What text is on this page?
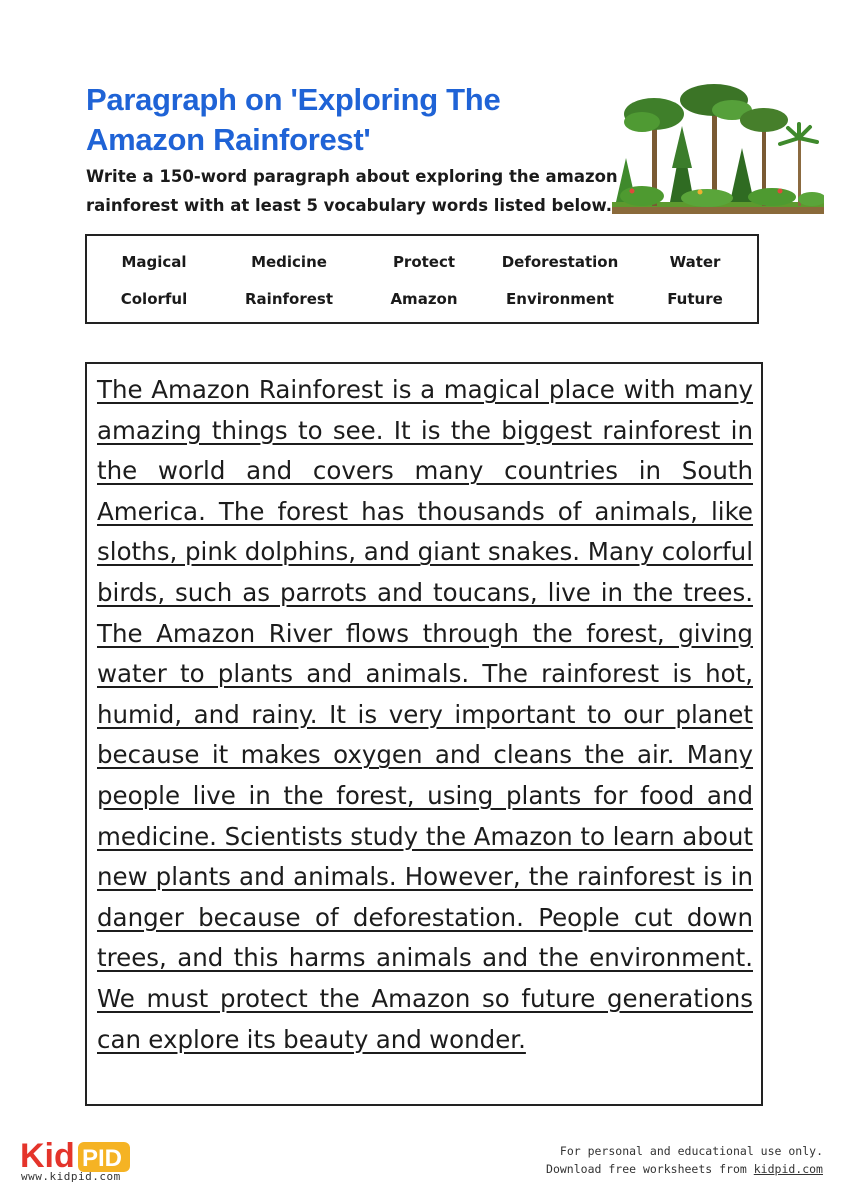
Paragraph on 'Exploring The Amazon Rainforest'
Write a 150-word paragraph about exploring the amazon rainforest with at least 5 vocabulary words listed below.
Magical	Medicine	Protect	Deforestation	Water
Colorful	Rainforest	Amazon	Environment	Future
The Amazon Rainforest is a magical place with many amazing things to see. It is the biggest rainforest in the world and covers many countries in South America. The forest has thousands of animals, like sloths, pink dolphins, and giant snakes. Many colorful birds, such as parrots and toucans, live in the trees. The Amazon River flows through the forest, giving water to plants and animals. The rainforest is hot, humid, and rainy. It is very important to our planet because it makes oxygen and cleans the air. Many people live in the forest, using plants for food and medicine. Scientists study the Amazon to learn about new plants and animals. However, the rainforest is in danger because of deforestation. People cut down trees, and this harms animals and the environment. We must protect the Amazon so future generations can explore its beauty and wonder.
Kid PID
www.kidpid.com
For personal and educational use only.
Download free worksheets from kidpid.com
